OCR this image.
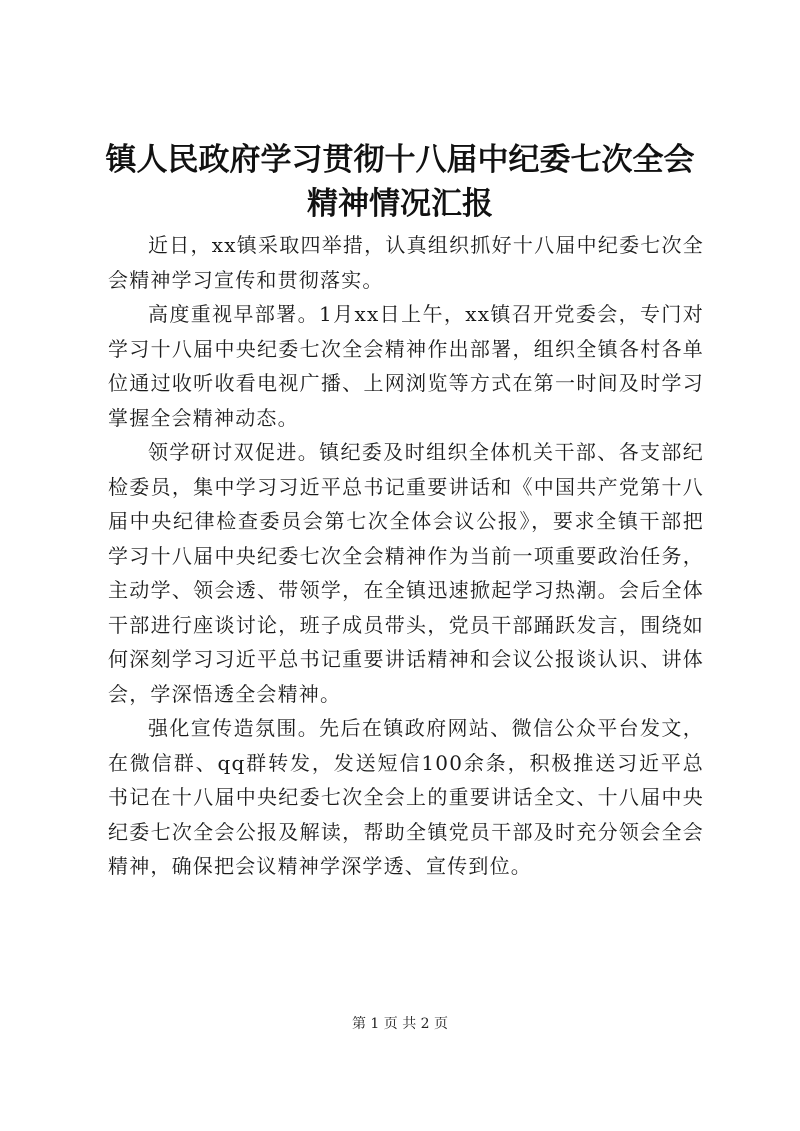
镇人民政府学习贯彻十八届中纪委七次全会精神情况汇报

近日，xx镇采取四举措，认真组织抓好十八届中纪委七次全会精神学习宣传和贯彻落实。

高度重视早部署。1月xx日上午，xx镇召开党委会，专门对学习十八届中央纪委七次全会精神作出部署，组织全镇各村各单位通过收听收看电视广播、上网浏览等方式在第一时间及时学习掌握全会精神动态。

领学研讨双促进。镇纪委及时组织全体机关干部、各支部纪检委员，集中学习习近平总书记重要讲话和《中国共产党第十八届中央纪律检查委员会第七次全体会议公报》，要求全镇干部把学习十八届中央纪委七次全会精神作为当前一项重要政治任务，主动学、领会透、带领学，在全镇迅速掀起学习热潮。会后全体干部进行座谈讨论，班子成员带头，党员干部踊跃发言，围绕如何深刻学习习近平总书记重要讲话精神和会议公报谈认识、讲体会，学深悟透全会精神。

强化宣传造氛围。先后在镇政府网站、微信公众平台发文，在微信群、qq群转发，发送短信100余条，积极推送习近平总书记在十八届中央纪委七次全会上的重要讲话全文、十八届中央纪委七次全会公报及解读，帮助全镇党员干部及时充分领会全会精神，确保把会议精神学深学透、宣传到位。

第 1 页 共 2 页
